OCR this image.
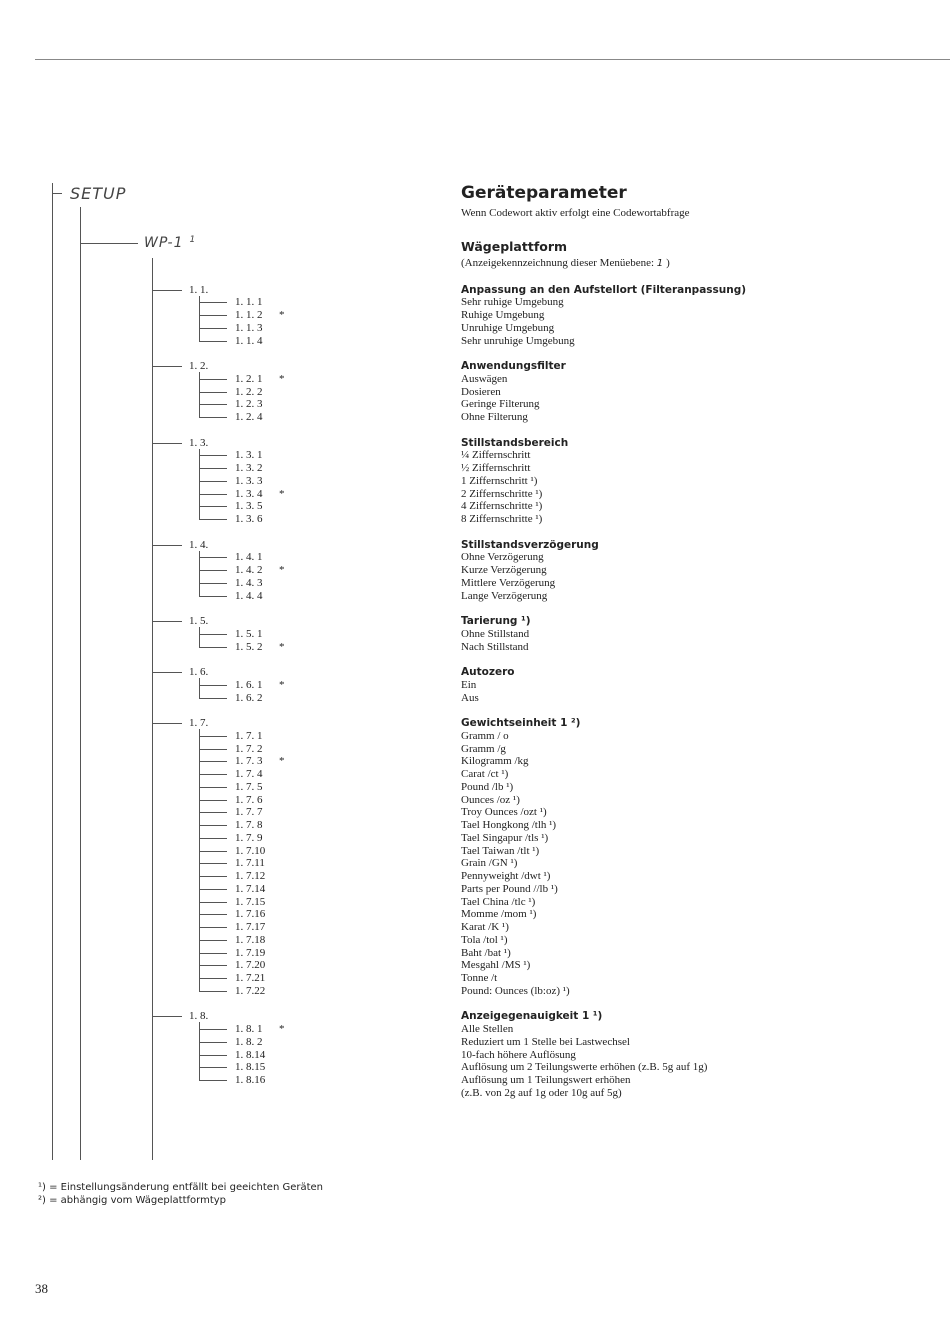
SETUP
WP-1 $^1$
Geräteparameter
Wenn Codewort aktiv erfolgt eine Codewortabfrage
Wägeplattform
(Anzeigekennzeichnung dieser Menüebene: 1 )
1. 1.
1. 1. 1
1. 1. 2 *
1. 1. 3
1. 1. 4
1. 2.
1. 2. 1 *
1. 2. 2
1. 2. 3
1. 2. 4
1. 3.
1. 3. 1
1. 3. 2
1. 3. 3
1. 3. 4 *
1. 3. 5
1. 3. 6
1. 4.
1. 4. 1
1. 4. 2 *
1. 4. 3
1. 4. 4
1. 5.
1. 5. 1
1. 5. 2 *
1. 6.
1. 6. 1 *
1. 6. 2
1. 7.
1. 7. 1
1. 7. 2
1. 7. 3 *
1. 7. 4
1. 7. 5
1. 7. 6
1. 7. 7
1. 7. 8
1. 7. 9
1. 7.10
1. 7.11
1. 7.12
1. 7.14
1. 7.15
1. 7.16
1. 7.17
1. 7.18
1. 7.19
1. 7.20
1. 7.21
1. 7.22
1. 8.
1. 8. 1 *
1. 8. 2
1. 8.14
1. 8.15
1. 8.16
Anpassung an den Aufstellort (Filteranpassung)
Sehr ruhige Umgebung
Ruhige Umgebung
Unruhige Umgebung
Sehr unruhige Umgebung
Anwendungsfilter
Auswägen
Dosieren
Geringe Filterung
Ohne Filterung
Stillstandsbereich
¼ Ziffernschritt
½ Ziffernschritt
1 Ziffernschritt ¹)
2 Ziffernschritte ¹)
4 Ziffernschritte ¹)
8 Ziffernschritte ¹)
Stillstandsverzögerung
Ohne Verzögerung
Kurze Verzögerung
Mittlere Verzögerung
Lange Verzögerung
Tarierung ¹)
Ohne Stillstand
Nach Stillstand
Autozero
Ein
Aus
Gewichtseinheit 1 ²)
Gramm / o
Gramm /g
Kilogramm /kg
Carat /ct ¹)
Pound /lb ¹)
Ounces /oz ¹)
Troy Ounces /ozt ¹)
Tael Hongkong /tlh ¹)
Tael Singapur /tls ¹)
Tael Taiwan /tlt ¹)
Grain /GN ¹)
Pennyweight /dwt ¹)
Parts per Pound //lb ¹)
Tael China /tlc ¹)
Momme /mom ¹)
Karat /K ¹)
Tola /tol ¹)
Baht /bat ¹)
Mesgahl /MS ¹)
Tonne /t
Pound: Ounces (lb:oz) ¹)
Anzeigegenauigkeit 1 ¹)
Alle Stellen
Reduziert um 1 Stelle bei Lastwechsel
10-fach höhere Auflösung
Auflösung um 2 Teilungswerte erhöhen (z.B. 5g auf 1g)
Auflösung um 1 Teilungswert erhöhen
(z.B. von 2g auf 1g oder 10g auf 5g)
¹) = Einstellungsänderung entfällt bei geeichten Geräten
²) = abhängig vom Wägeplattformtyp
38
